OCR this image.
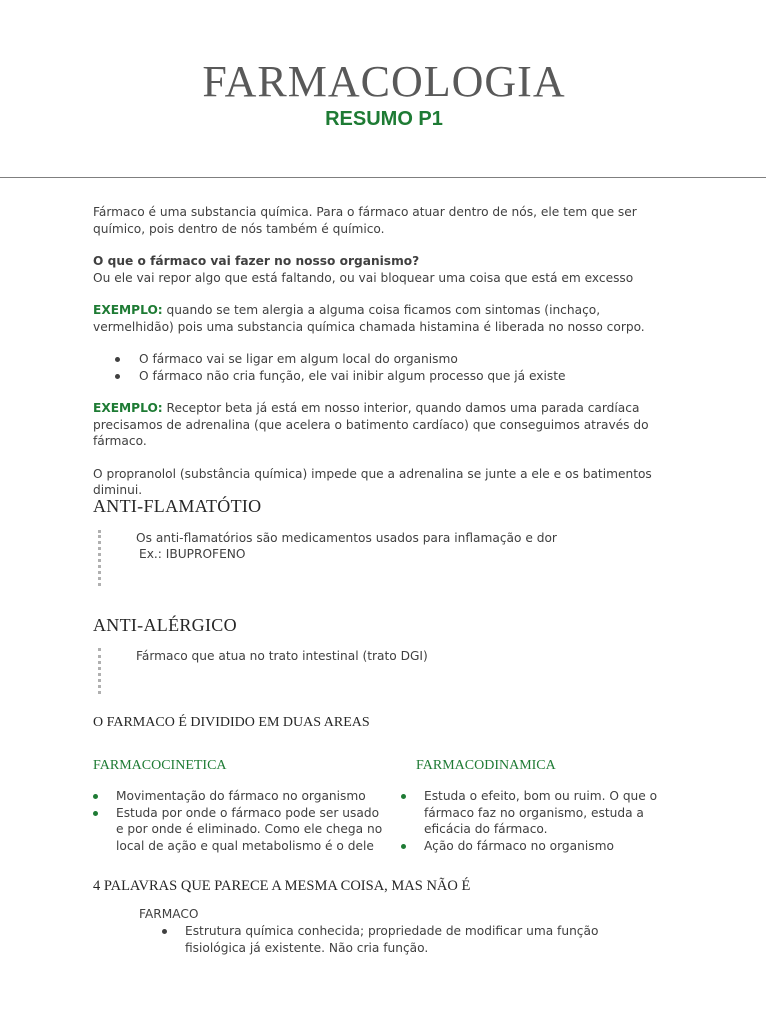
FARMACOLOGIA
RESUMO P1

Fármaco é uma substancia química. Para o fármaco atuar dentro de nós, ele tem que ser químico, pois dentro de nós também é químico.

O que o fármaco vai fazer no nosso organismo?

Ou ele vai repor algo que está faltando, ou vai bloquear uma coisa que está em excesso

EXEMPLO: quando se tem alergia a alguma coisa ficamos com sintomas (inchaço, vermelhidão) pois uma substancia química chamada histamina é liberada no nosso corpo.

O fármaco vai se ligar em algum local do organismo
O fármaco não cria função, ele vai inibir algum processo que já existe

EXEMPLO: Receptor beta já está em nosso interior, quando damos uma parada cardíaca precisamos de adrenalina (que acelera o batimento cardíaco) que conseguimos através do fármaco.

O propranolol (substância química) impede que a adrenalina se junte a ele e os batimentos diminui.

ANTI-FLAMATÓTIO
Os anti-flamatórios são medicamentos usados para inflamação e dor
Ex.: IBUPROFENO
ANTI-ALÉRGICO
Fármaco que atua no trato intestinal (trato DGI)
O FARMACO É DIVIDIDO EM DUAS AREAS
FARMACOCINETICA	FARMACODINAMICA
Movimentação do fármaco no organismo
Estuda por onde o fármaco pode ser usado e por onde é eliminado. Como ele chega no local de ação e qual metabolismo é o dele
Estuda o efeito, bom ou ruim. O que o fármaco faz no organismo, estuda a eficácia do fármaco.
Ação do fármaco no organismo
4 PALAVRAS QUE PARECE A MESMA COISA, MAS NÃO É
FARMACO
Estrutura química conhecida; propriedade de modificar uma função fisiológica já existente. Não cria função.
